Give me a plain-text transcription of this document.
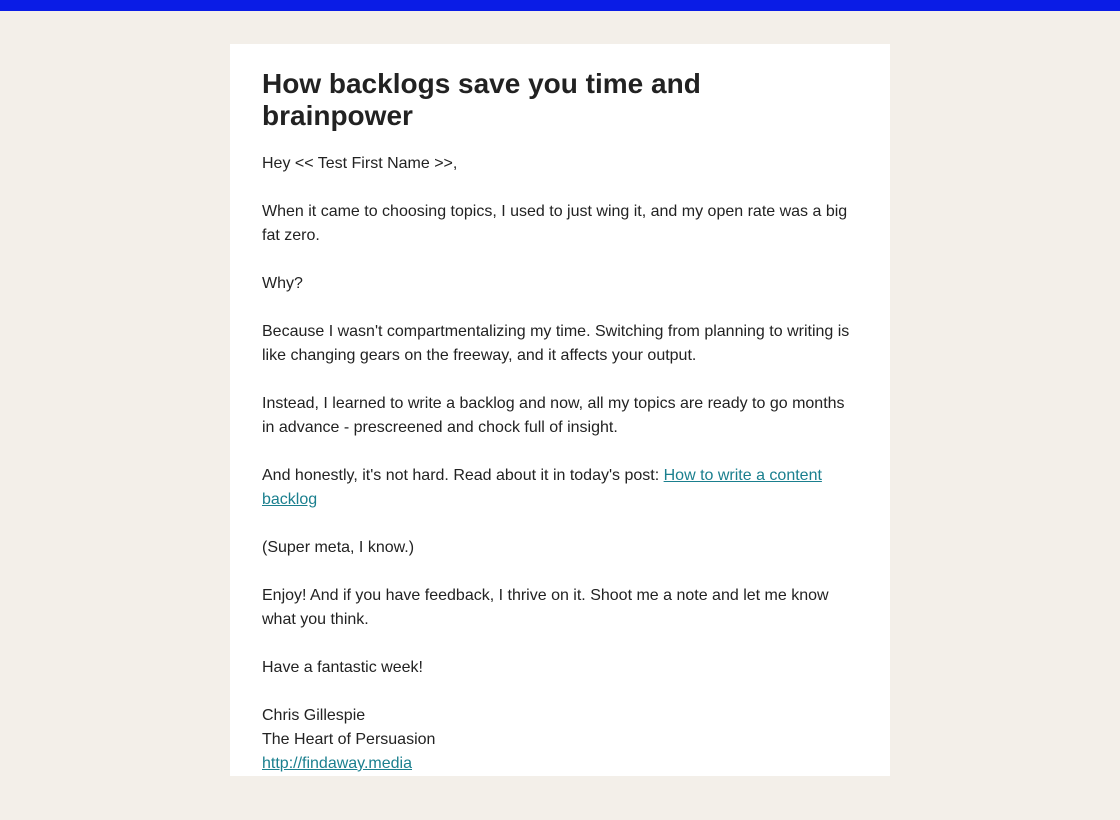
How backlogs save you time and brainpower

Hey << Test First Name >>,

When it came to choosing topics, I used to just wing it, and my open rate was a big fat zero.

Why?

Because I wasn't compartmentalizing my time. Switching from planning to writing is like changing gears on the freeway, and it affects your output.

Instead, I learned to write a backlog and now, all my topics are ready to go months in advance - prescreened and chock full of insight.

And honestly, it's not hard. Read about it in today's post: How to write a content backlog

(Super meta, I know.)

Enjoy! And if you have feedback, I thrive on it. Shoot me a note and let me know what you think.

Have a fantastic week!

Chris Gillespie
The Heart of Persuasion
http://findaway.media
